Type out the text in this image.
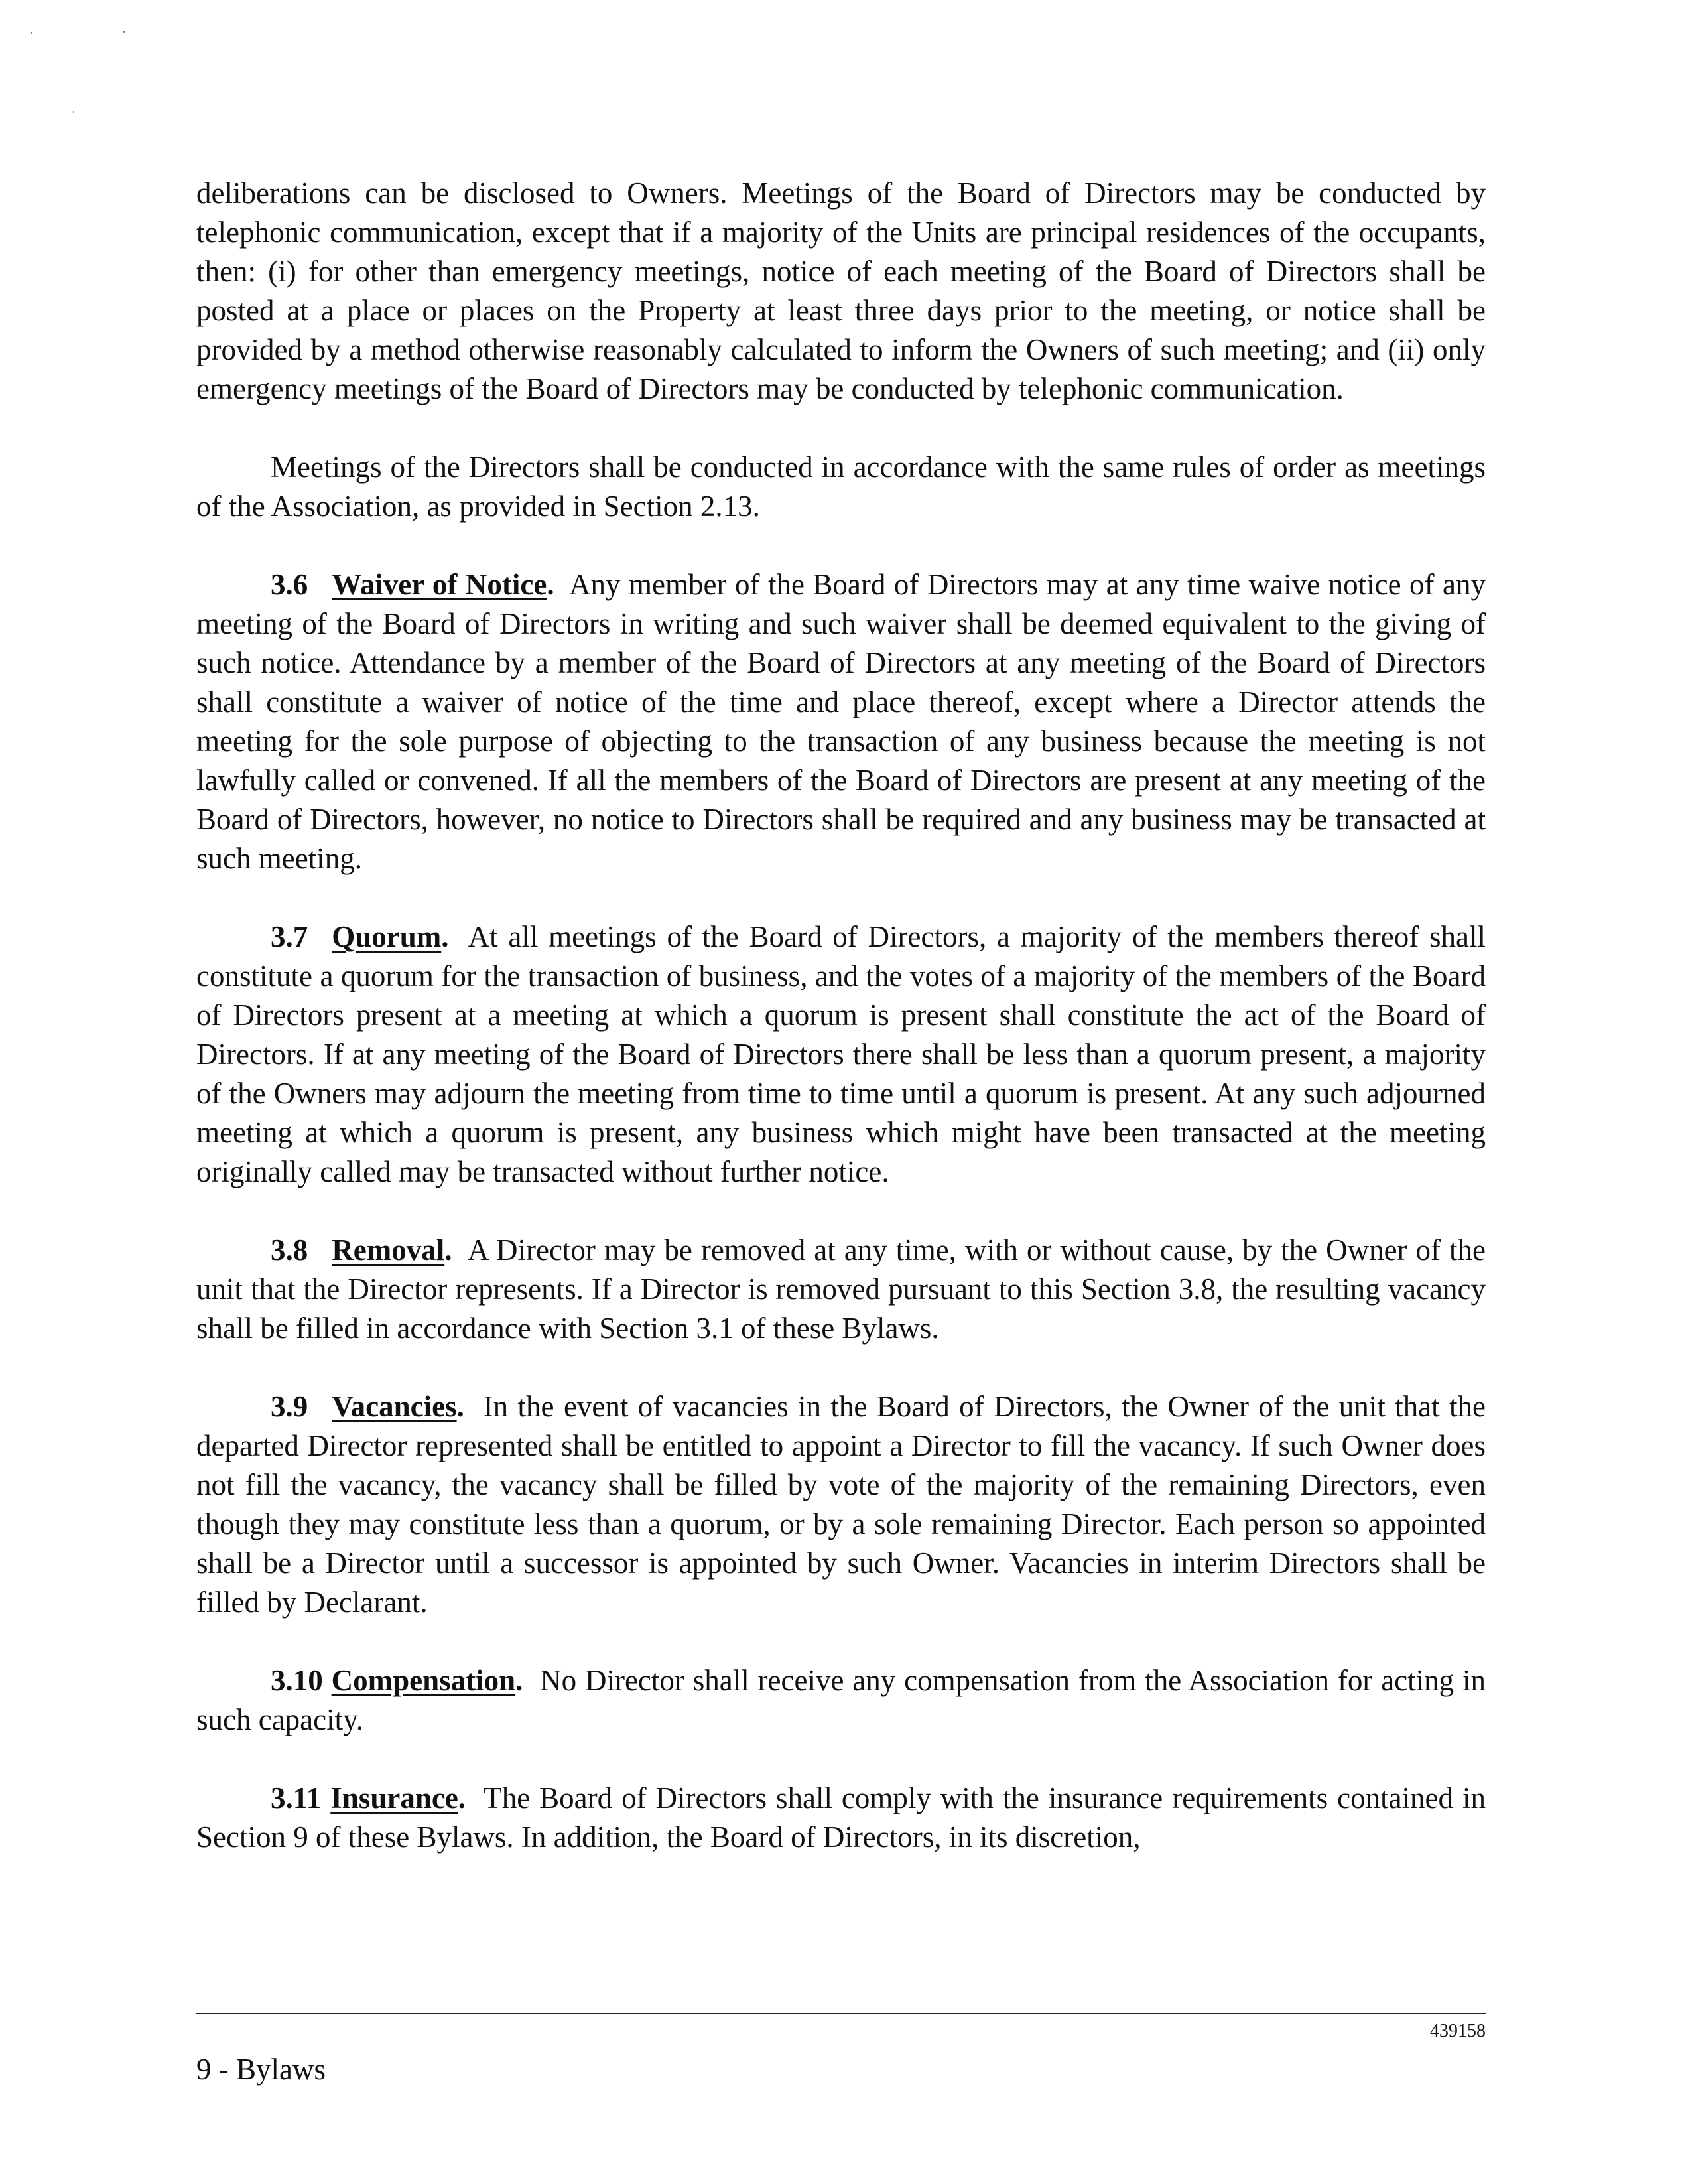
deliberations can be disclosed to Owners. Meetings of the Board of Directors may be conducted by telephonic communication, except that if a majority of the Units are principal residences of the occupants, then: (i) for other than emergency meetings, notice of each meeting of the Board of Directors shall be posted at a place or places on the Property at least three days prior to the meeting, or notice shall be provided by a method otherwise reasonably calculated to inform the Owners of such meeting; and (ii) only emergency meetings of the Board of Directors may be conducted by telephonic communication.

Meetings of the Directors shall be conducted in accordance with the same rules of order as meetings of the Association, as provided in Section 2.13.

3.6 Waiver of Notice. Any member of the Board of Directors may at any time waive notice of any meeting of the Board of Directors in writing and such waiver shall be deemed equivalent to the giving of such notice. Attendance by a member of the Board of Directors at any meeting of the Board of Directors shall constitute a waiver of notice of the time and place thereof, except where a Director attends the meeting for the sole purpose of objecting to the transaction of any business because the meeting is not lawfully called or convened. If all the members of the Board of Directors are present at any meeting of the Board of Directors, however, no notice to Directors shall be required and any business may be transacted at such meeting.

3.7 Quorum. At all meetings of the Board of Directors, a majority of the members thereof shall constitute a quorum for the transaction of business, and the votes of a majority of the members of the Board of Directors present at a meeting at which a quorum is present shall constitute the act of the Board of Directors. If at any meeting of the Board of Directors there shall be less than a quorum present, a majority of the Owners may adjourn the meeting from time to time until a quorum is present. At any such adjourned meeting at which a quorum is present, any business which might have been transacted at the meeting originally called may be transacted without further notice.

3.8 Removal. A Director may be removed at any time, with or without cause, by the Owner of the unit that the Director represents. If a Director is removed pursuant to this Section 3.8, the resulting vacancy shall be filled in accordance with Section 3.1 of these Bylaws.

3.9 Vacancies. In the event of vacancies in the Board of Directors, the Owner of the unit that the departed Director represented shall be entitled to appoint a Director to fill the vacancy. If such Owner does not fill the vacancy, the vacancy shall be filled by vote of the majority of the remaining Directors, even though they may constitute less than a quorum, or by a sole remaining Director. Each person so appointed shall be a Director until a successor is appointed by such Owner. Vacancies in interim Directors shall be filled by Declarant.

3.10 Compensation. No Director shall receive any compensation from the Association for acting in such capacity.

3.11 Insurance. The Board of Directors shall comply with the insurance requirements contained in Section 9 of these Bylaws. In addition, the Board of Directors, in its discretion,

439158
9 - Bylaws
